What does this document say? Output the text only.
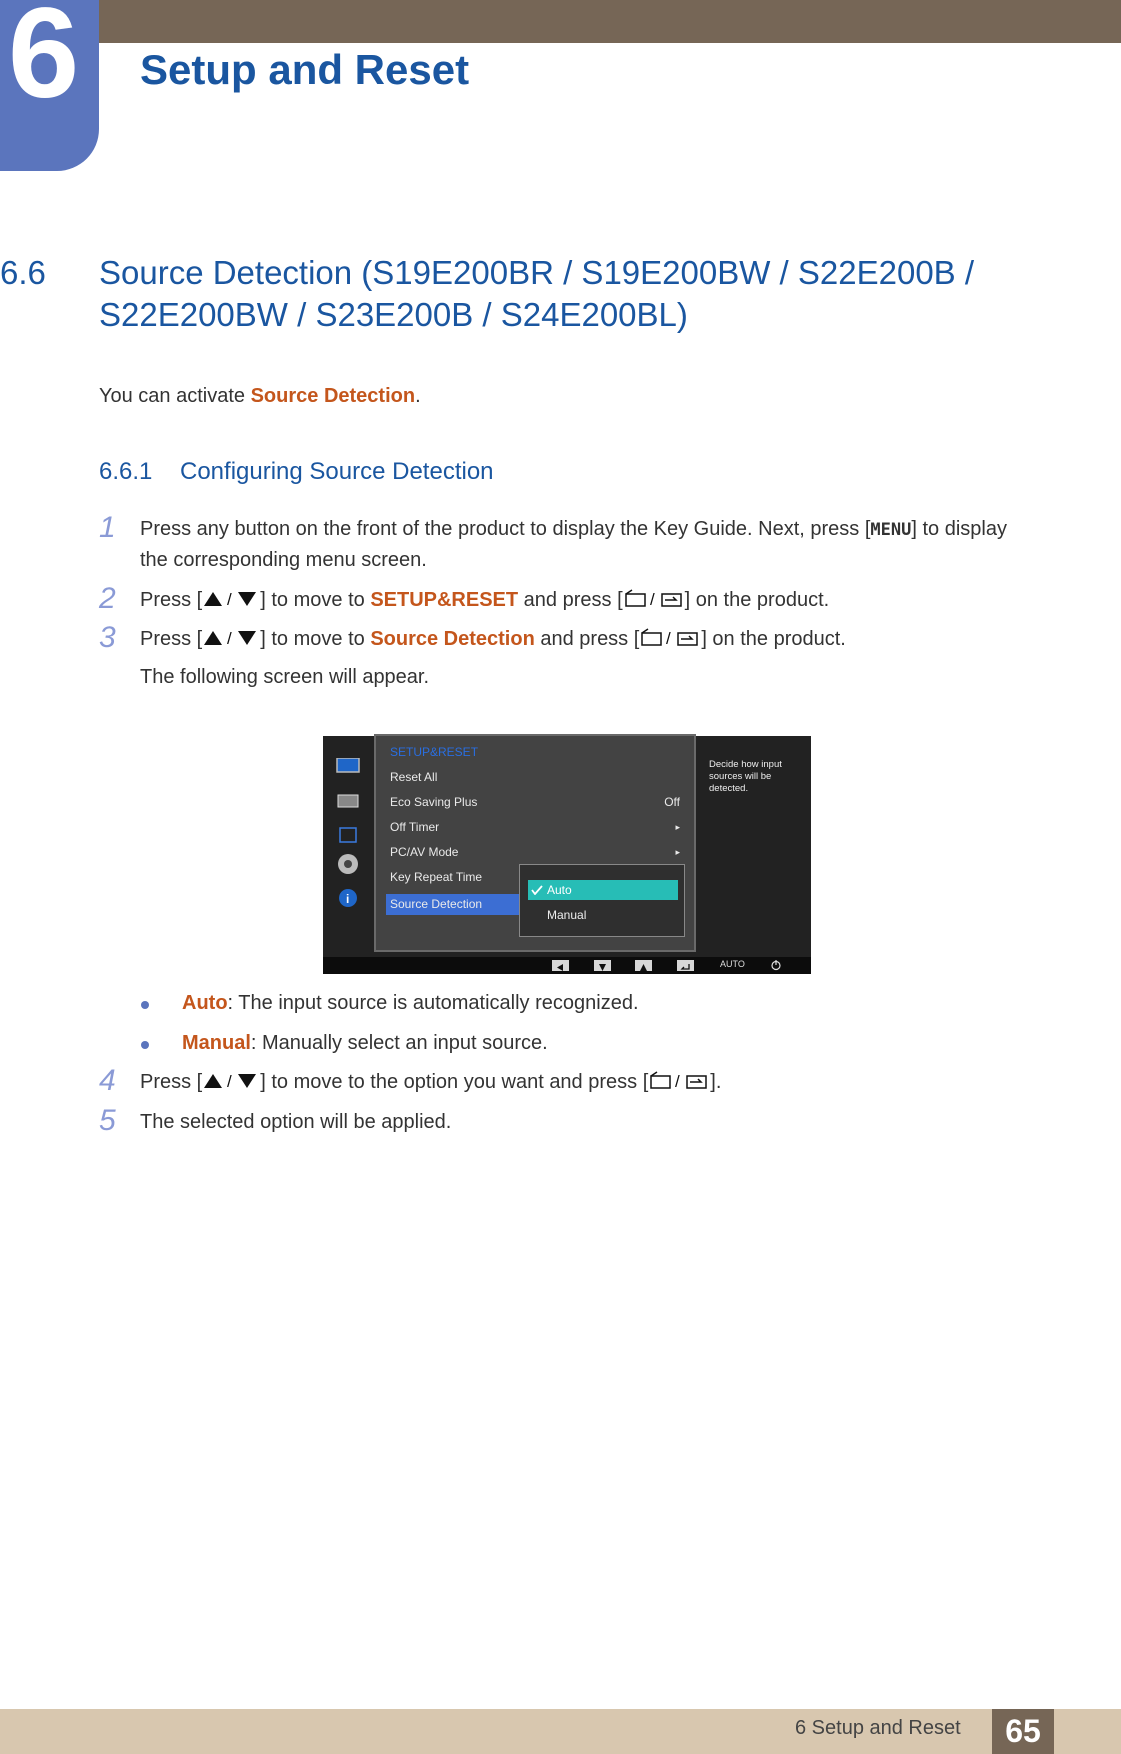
6 Setup and Reset
6.6 Source Detection (S19E200BR / S19E200BW / S22E200B / S22E200BW / S23E200B / S24E200BL)
You can activate Source Detection.
6.6.1 Configuring Source Detection
1 Press any button on the front of the product to display the Key Guide. Next, press [MENU] to display
the corresponding menu screen.
2 Press [ / ] to move to SETUP&RESET and press [ / ] on the product.
3 Press [ / ] to move to Source Detection and press [ / ] on the product.
The following screen will appear.
i
SETUP&RESET
Reset All
Eco Saving Plus	Off
Off Timer	▸
PC/AV Mode	▸
Key Repeat Time
Source Detection
Auto
Manual
Decide how input sources will be detected.
AUTO
Auto: The input source is automatically recognized.
Manual: Manually select an input source.
4 Press [ / ] to move to the option you want and press [ / ].
5 The selected option will be applied.
6 Setup and Reset	65
